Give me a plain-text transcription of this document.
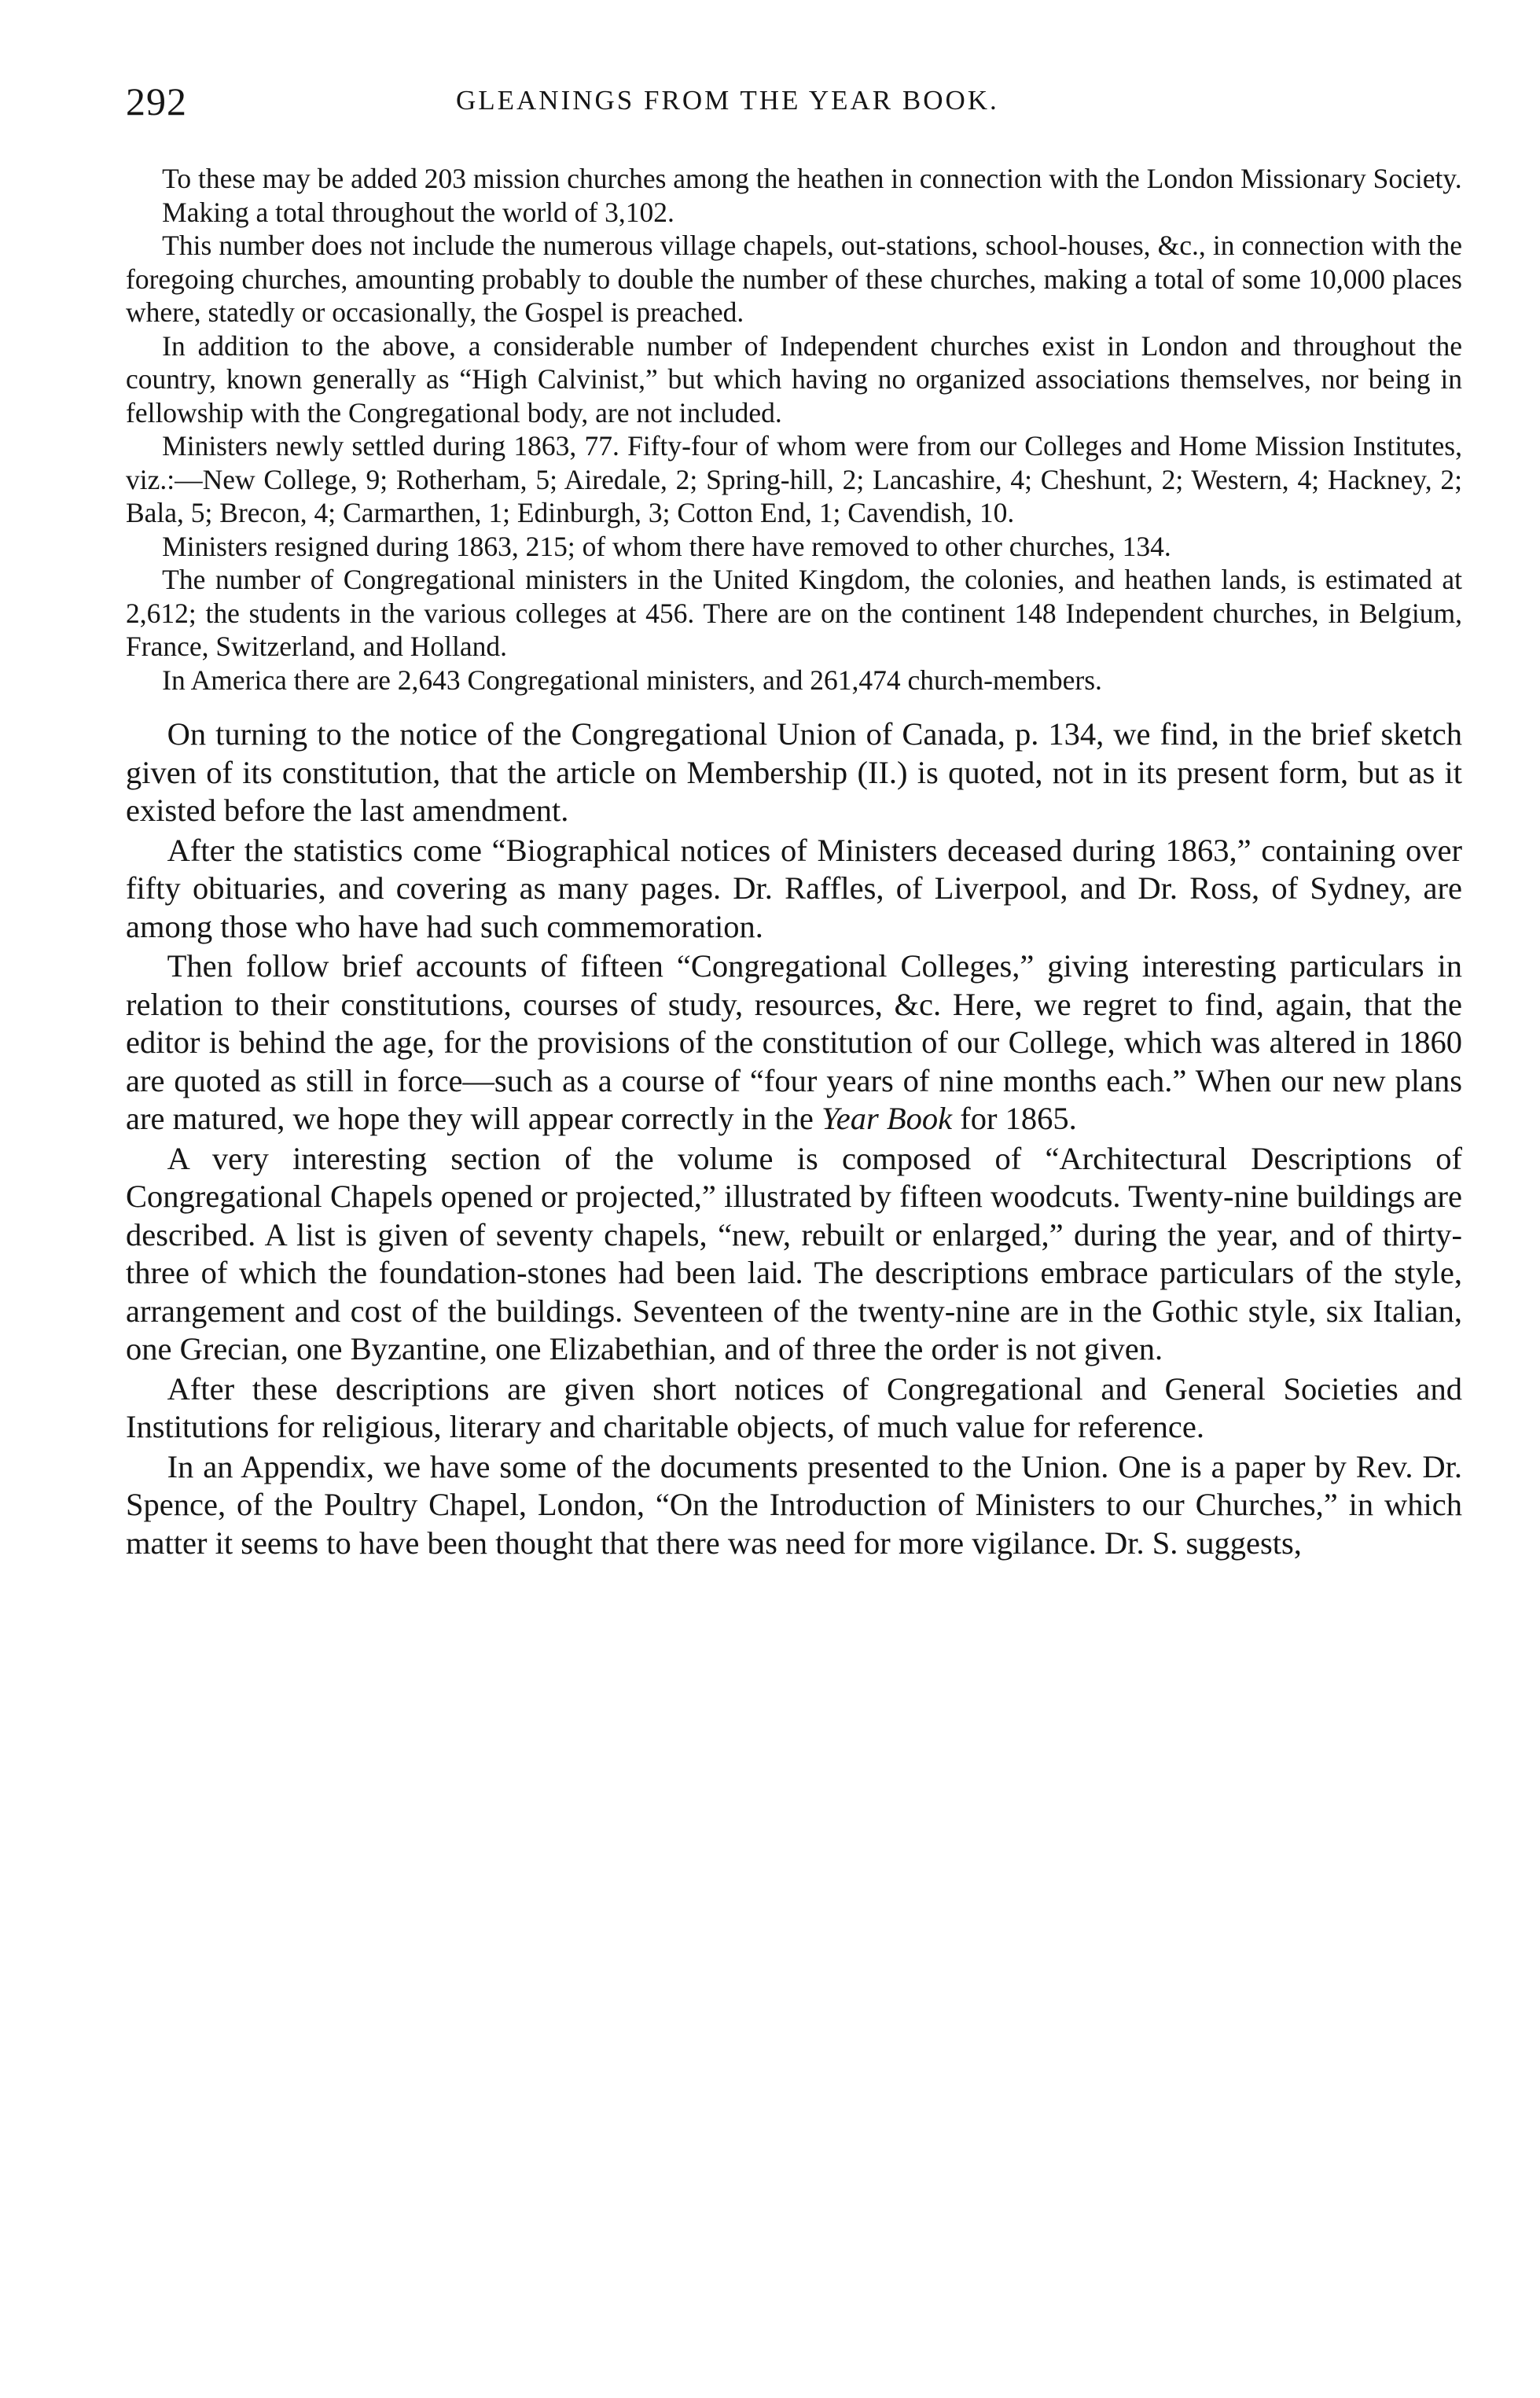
292	GLEANINGS FROM THE YEAR BOOK.

To these may be added 203 mission churches among the heathen in connection with the London Missionary Society.

Making a total throughout the world of 3,102.

This number does not include the numerous village chapels, out-stations, school-houses, &c., in connection with the foregoing churches, amounting probably to double the number of these churches, making a total of some 10,000 places where, statedly or occasionally, the Gospel is preached.

In addition to the above, a considerable number of Independent churches exist in London and throughout the country, known generally as “High Calvinist,” but which having no organized associations themselves, nor being in fellowship with the Congregational body, are not included.

Ministers newly settled during 1863, 77. Fifty-four of whom were from our Colleges and Home Mission Institutes, viz.:—New College, 9; Rotherham, 5; Airedale, 2; Spring-hill, 2; Lancashire, 4; Cheshunt, 2; Western, 4; Hackney, 2; Bala, 5; Brecon, 4; Carmarthen, 1; Edinburgh, 3; Cotton End, 1; Cavendish, 10.

Ministers resigned during 1863, 215; of whom there have removed to other churches, 134.

The number of Congregational ministers in the United Kingdom, the colonies, and heathen lands, is estimated at 2,612; the students in the various colleges at 456. There are on the continent 148 Independent churches, in Belgium, France, Switzerland, and Holland.

In America there are 2,643 Congregational ministers, and 261,474 church-members.

On turning to the notice of the Congregational Union of Canada, p. 134, we find, in the brief sketch given of its constitution, that the article on Membership (II.) is quoted, not in its present form, but as it existed before the last amendment.

After the statistics come “Biographical notices of Ministers deceased during 1863,” containing over fifty obituaries, and covering as many pages. Dr. Raffles, of Liverpool, and Dr. Ross, of Sydney, are among those who have had such commemoration.

Then follow brief accounts of fifteen “Congregational Colleges,” giving interesting particulars in relation to their constitutions, courses of study, resources, &c. Here, we regret to find, again, that the editor is behind the age, for the provisions of the constitution of our College, which was altered in 1860 are quoted as still in force—such as a course of “four years of nine months each.” When our new plans are matured, we hope they will appear correctly in the Year Book for 1865.

A very interesting section of the volume is composed of “Architectural Descriptions of Congregational Chapels opened or projected,” illustrated by fifteen woodcuts. Twenty-nine buildings are described. A list is given of seventy chapels, “new, rebuilt or enlarged,” during the year, and of thirty-three of which the foundation-stones had been laid. The descriptions embrace particulars of the style, arrangement and cost of the buildings. Seventeen of the twenty-nine are in the Gothic style, six Italian, one Grecian, one Byzantine, one Elizabethian, and of three the order is not given.

After these descriptions are given short notices of Congregational and General Societies and Institutions for religious, literary and charitable objects, of much value for reference.

In an Appendix, we have some of the documents presented to the Union. One is a paper by Rev. Dr. Spence, of the Poultry Chapel, London, “On the Introduction of Ministers to our Churches,” in which matter it seems to have been thought that there was need for more vigilance. Dr. S. suggests,
